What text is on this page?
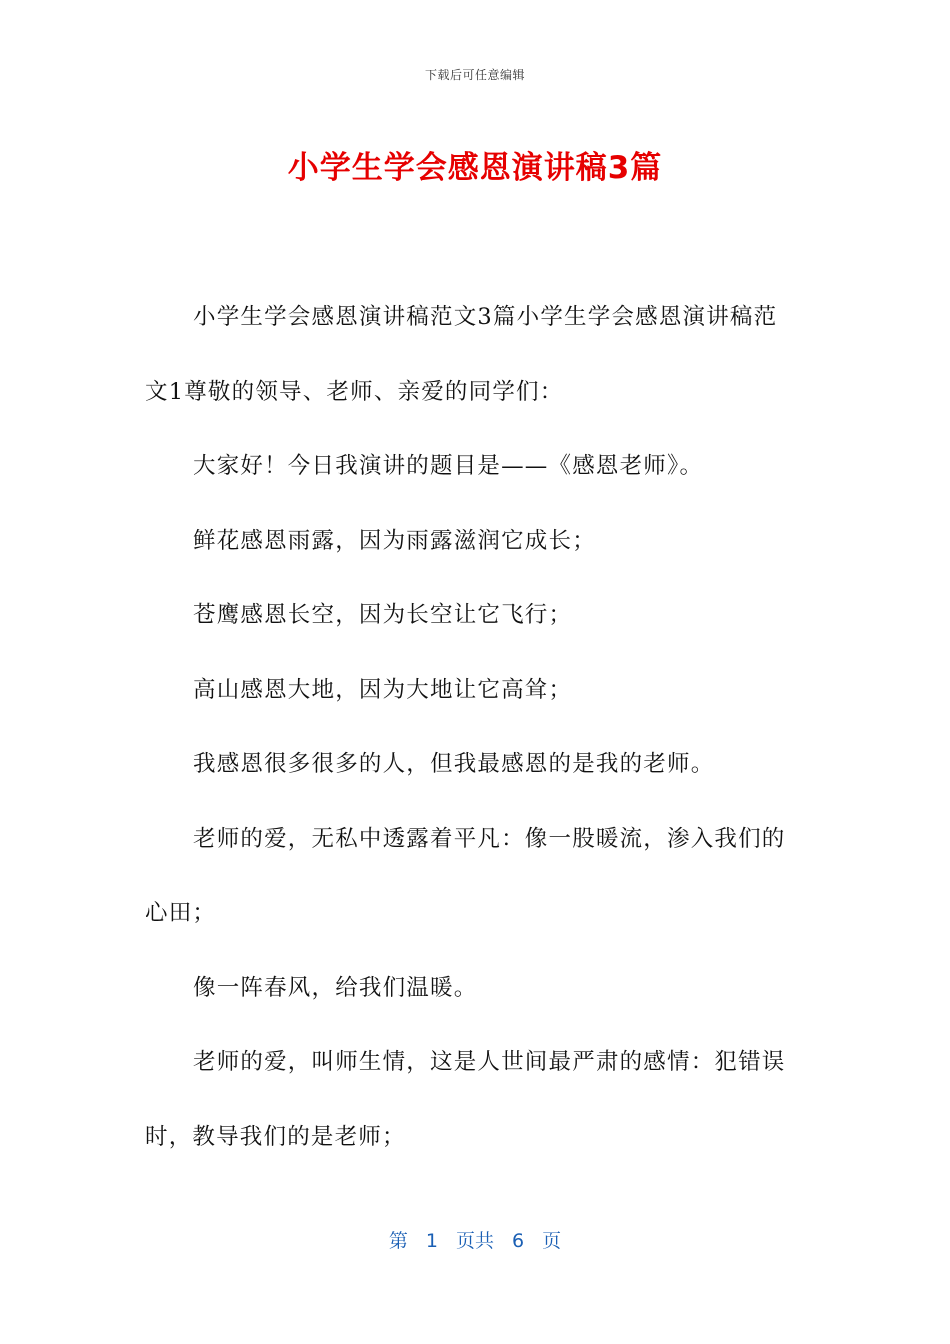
下载后可任意编辑
小学生学会感恩演讲稿3篇

小学生学会感恩演讲稿范文3篇小学生学会感恩演讲稿范文1尊敬的领导、老师、亲爱的同学们：

大家好！今日我演讲的题目是——《感恩老师》。

鲜花感恩雨露，因为雨露滋润它成长；

苍鹰感恩长空，因为长空让它飞行；

高山感恩大地，因为大地让它高耸；

我感恩很多很多的人，但我最感恩的是我的老师。

老师的爱，无私中透露着平凡：像一股暖流，渗入我们的心田；

像一阵春风，给我们温暖。

老师的爱，叫师生情，这是人世间最严肃的感情：犯错误时，教导我们的是老师；

第 1 页共 6 页
